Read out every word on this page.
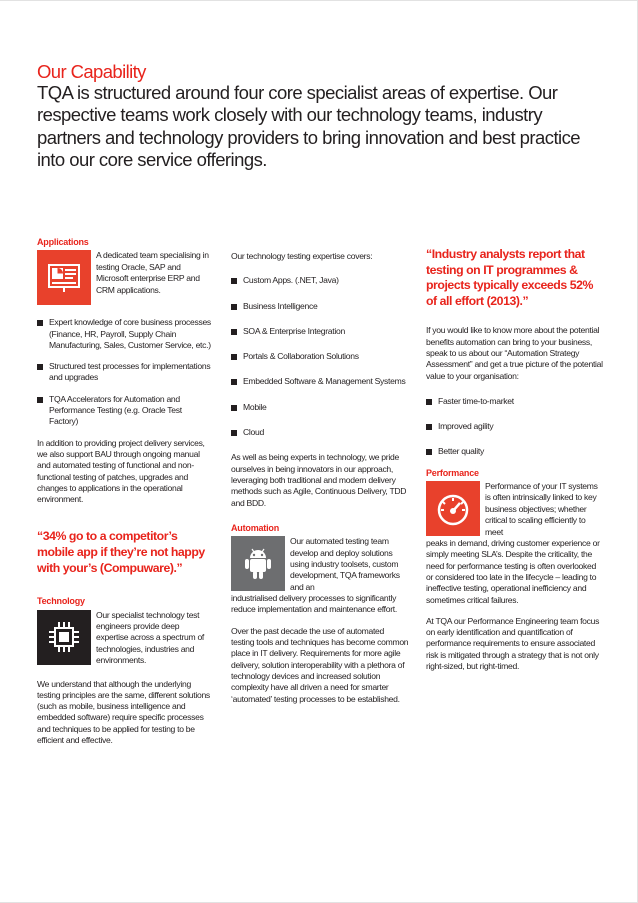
Our Capability
TQA is structured around four core specialist areas of expertise. Our respective teams work closely with our technology teams, industry partners and technology providers to bring innovation and best practice into our core service offerings.
Applications
A dedicated team specialising in testing Oracle, SAP and Microsoft enterprise ERP and CRM applications.
Expert knowledge of core business processes (Finance, HR, Payroll, Supply Chain Manufacturing, Sales, Customer Service, etc.)
Structured test processes for implementations and upgrades
TQA Accelerators for Automation and Performance Testing (e.g. Oracle Test Factory)

In addition to providing project delivery services, we also support BAU through ongoing manual and automated testing of functional and non-functional testing of patches, upgrades and changes to applications in the operational environment.

“34% go to a competitor’s mobile app if they’re not happy with your’s (Compuware).”
Technology
Our specialist technology test engineers provide deep expertise across a spectrum of technologies, industries and environments.

We understand that although the underlying testing principles are the same, different solutions (such as mobile, business intelligence and embedded software) require specific processes and techniques to be applied for testing to be efficient and effective.

Our technology testing expertise covers:

Custom Apps. (.NET, Java)
Business Intelligence
SOA & Enterprise Integration
Portals & Collaboration Solutions
Embedded Software & Management Systems
Mobile
Cloud

As well as being experts in technology, we pride ourselves in being innovators in our approach, leveraging both traditional and modern delivery methods such as Agile, Continuous Delivery, TDD and BDD.

Automation
Our automated testing team develop and deploy solutions using industry toolsets, custom development, TQA frameworks and an

industrialised delivery processes to significantly reduce implementation and maintenance effort.

Over the past decade the use of automated testing tools and techniques has become common place in IT delivery. Requirements for more agile delivery, solution interoperability with a plethora of technology devices and increased solution complexity have all driven a need for smarter ‘automated’ testing processes to be established.

“Industry analysts report that testing on IT programmes & projects typically exceeds 52% of all effort (2013).”

If you would like to know more about the potential benefits automation can bring to your business, speak to us about our “Automation Strategy Assessment” and get a true picture of the potential value to your organisation:

Faster time-to-market
Improved agility
Better quality
Performance
Performance of your IT systems is often intrinsically linked to key business objectives; whether critical to scaling efficiently to meet

peaks in demand, driving customer experience or simply meeting SLA’s. Despite the criticality, the need for performance testing is often overlooked or considered too late in the lifecycle – leading to ineffective testing, operational inefficiency and sometimes critical failures.

At TQA our Performance Engineering team focus on early identification and quantification of performance requirements to ensure associated risk is mitigated through a strategy that is not only right-sized, but right-timed.
